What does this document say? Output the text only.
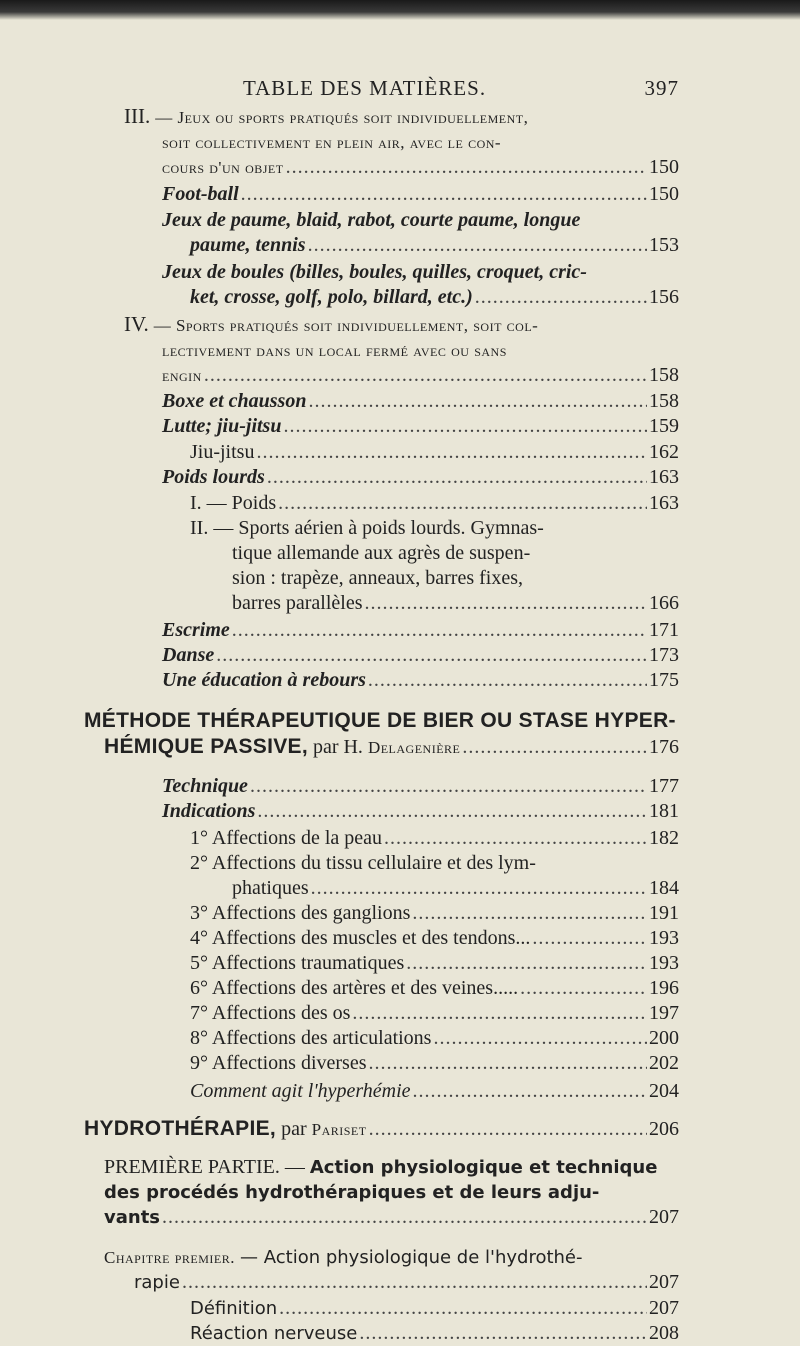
TABLE DES MATIÈRES.	397
III. — Jeux ou sports pratiqués soit individuellement,
soit collectivement en plein air, avec le con-
cours d'un objet .....	150
Foot-ball .....	150
Jeux de paume, blaid, rabot, courte paume, longue
paume, tennis .....	153
Jeux de boules (billes, boules, quilles, croquet, cric-
ket, crosse, golf, polo, billard, etc.) .....	156
IV. — Sports pratiqués soit individuellement, soit col-
lectivement dans un local fermé avec ou sans
engin .....	158
Boxe et chausson .....	158
Lutte; jiu-jitsu .....	159
Jiu-jitsu .....	162
Poids lourds .....	163
I. — Poids .....	163
II. — Sports aérien à poids lourds. Gymnas-
tique allemande aux agrès de suspen-
sion : trapèze, anneaux, barres fixes,
barres parallèles .....	166
Escrime .....	171
Danse .....	173
Une éducation à rebours .....	175
MÉTHODE THÉRAPEUTIQUE DE BIER OU STASE HYPER-
HÉMIQUE PASSIVE, par H. Delagenière .....	176
Technique .....	177
Indications .....	181
1° Affections de la peau .....	182
2° Affections du tissu cellulaire et des lym-
phatiques .....	184
3° Affections des ganglions .....	191
4° Affections des muscles et des tendons... .....	193
5° Affections traumatiques .....	193
6° Affections des artères et des veines..... .....	196
7° Affections des os .....	197
8° Affections des articulations .....	200
9° Affections diverses .....	202
Comment agit l'hyperhémie .....	204
HYDROTHÉRAPIE, par Pariset .....	206
PREMIÈRE PARTIE. — Action physiologique et technique
des procédés hydrothérapiques et de leurs adju-
vants .....	207
Chapitre premier. — Action physiologique de l'hydrothé-
rapie .....	207
Définition .....	207
Réaction nerveuse .....	208
